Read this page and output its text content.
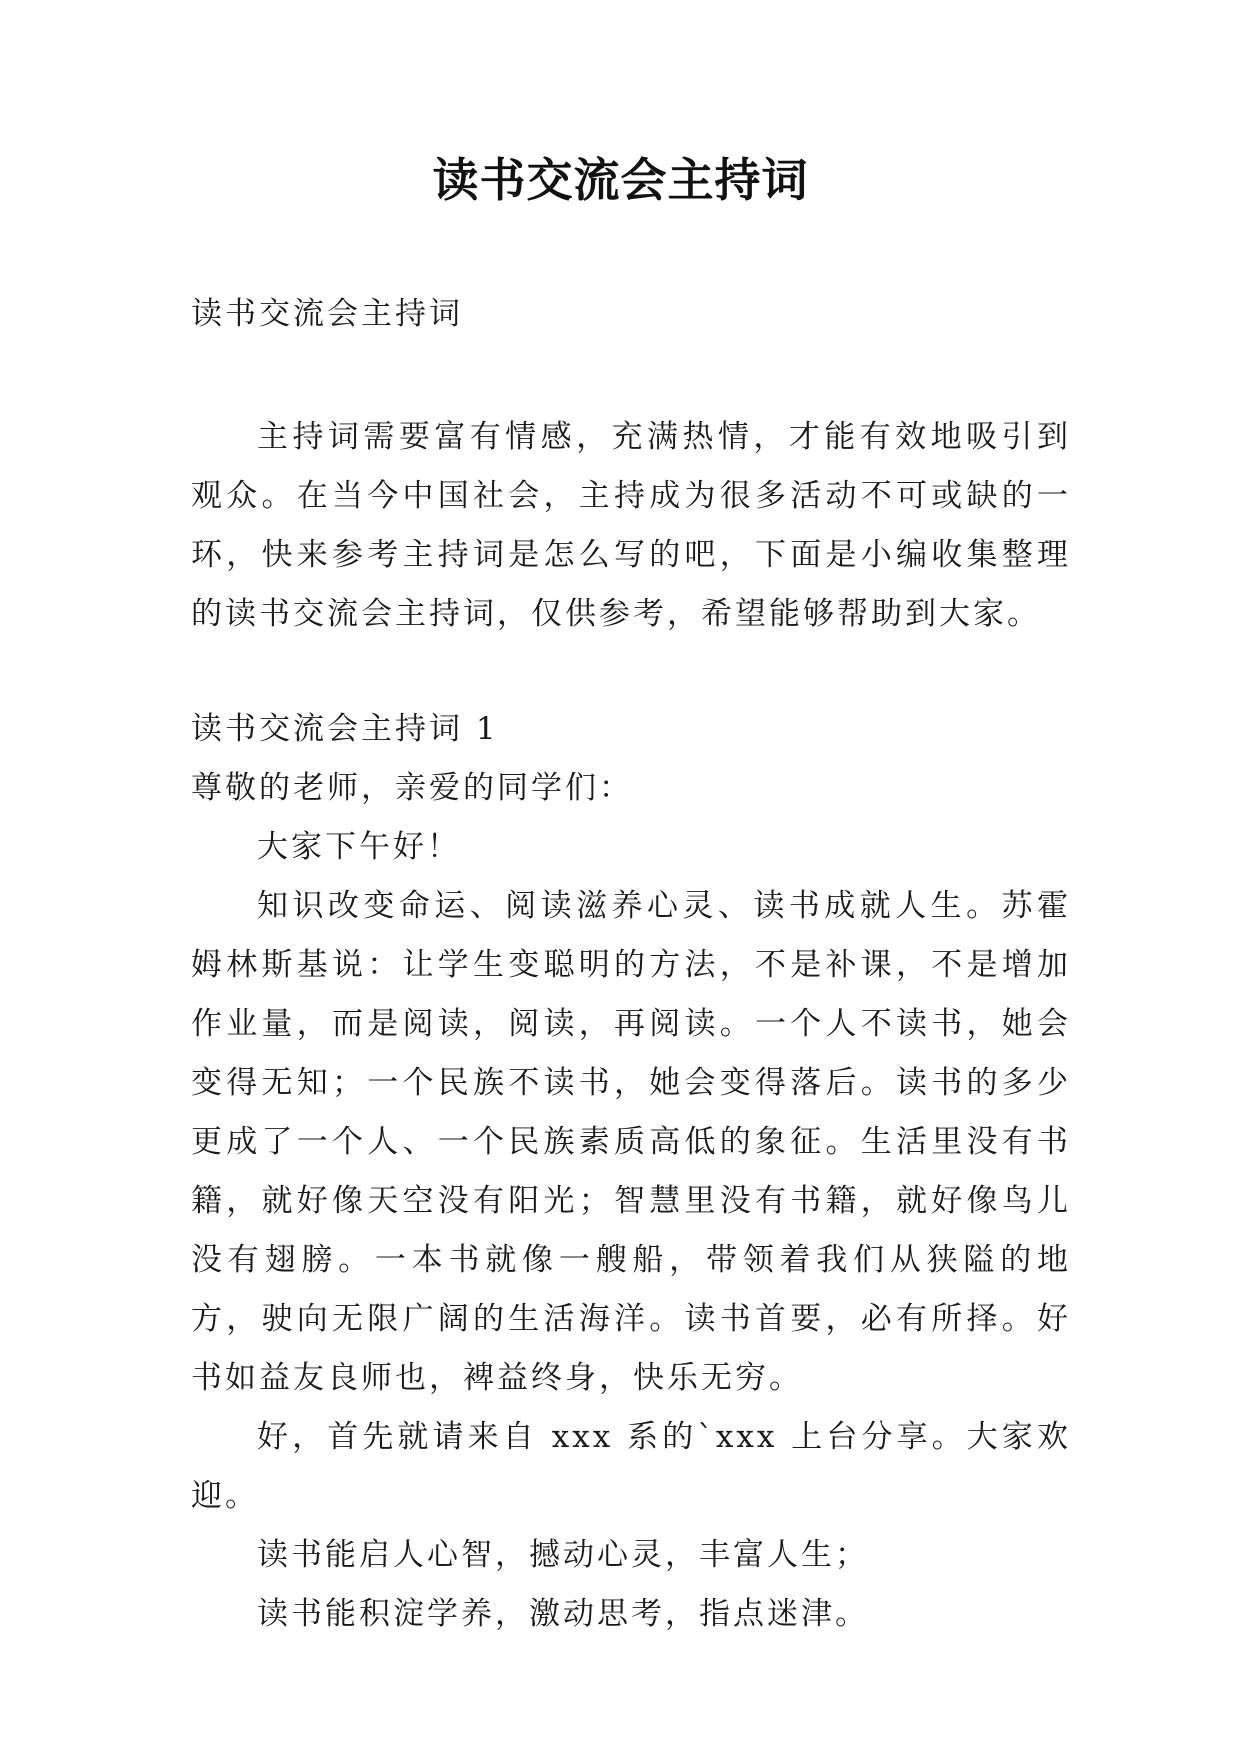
读书交流会主持词

读书交流会主持词

主持词需要富有情感，充满热情，才能有效地吸引到观众。在当今中国社会，主持成为很多活动不可或缺的一环，快来参考主持词是怎么写的吧，下面是小编收集整理的读书交流会主持词，仅供参考，希望能够帮助到大家。

读书交流会主持词 1

尊敬的老师，亲爱的同学们：

大家下午好！

知识改变命运、阅读滋养心灵、读书成就人生。苏霍姆林斯基说：让学生变聪明的方法，不是补课，不是增加作业量，而是阅读，阅读，再阅读。一个人不读书，她会变得无知；一个民族不读书，她会变得落后。读书的多少更成了一个人、一个民族素质高低的象征。生活里没有书籍，就好像天空没有阳光；智慧里没有书籍，就好像鸟儿没有翅膀。一本书就像一艘船，带领着我们从狭隘的地方，驶向无限广阔的生活海洋。读书首要，必有所择。好书如益友良师也，裨益终身，快乐无穷。

好，首先就请来自 xxx 系的`xxx 上台分享。大家欢迎。

读书能启人心智，撼动心灵，丰富人生；

读书能积淀学养，激动思考，指点迷津。
